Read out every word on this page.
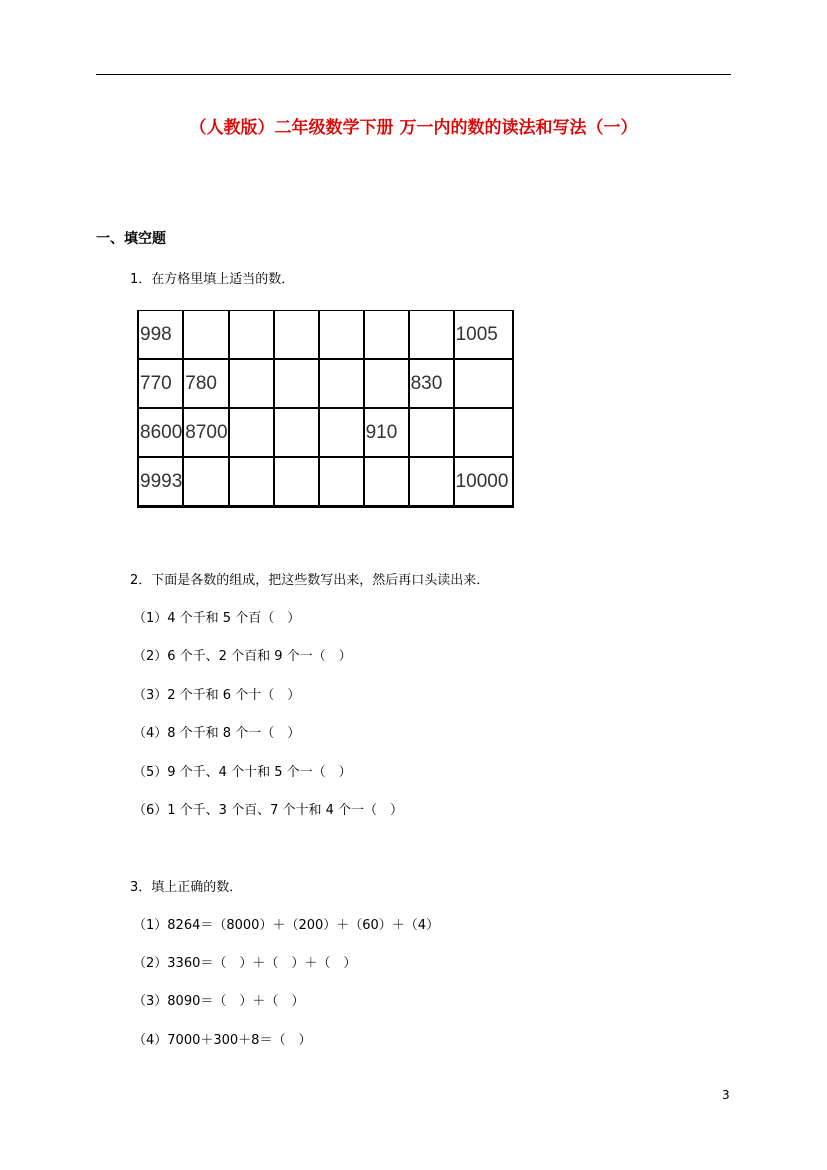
（人教版）二年级数学下册 万一内的数的读法和写法（一）
一、填空题
1．在方格里填上适当的数．
998							1005
770	780					830	
8600	8700				910		
9993							10000
2．下面是各数的组成，把这些数写出来，然后再口头读出来．
（1）4 个千和 5 个百（　）
（2）6 个千、2 个百和 9 个一（　）
（3）2 个千和 6 个十（　）
（4）8 个千和 8 个一（　）
（5）9 个千、4 个十和 5 个一（　）
（6）1 个千、3 个百、7 个十和 4 个一（　）
3．填上正确的数．
（1）8264＝（8000）＋（200）＋（60）＋（4）
（2）3360＝（　）＋（　）＋（　）
（3）8090＝（　）＋（　）
（4）7000＋300＋8＝（　）
3
